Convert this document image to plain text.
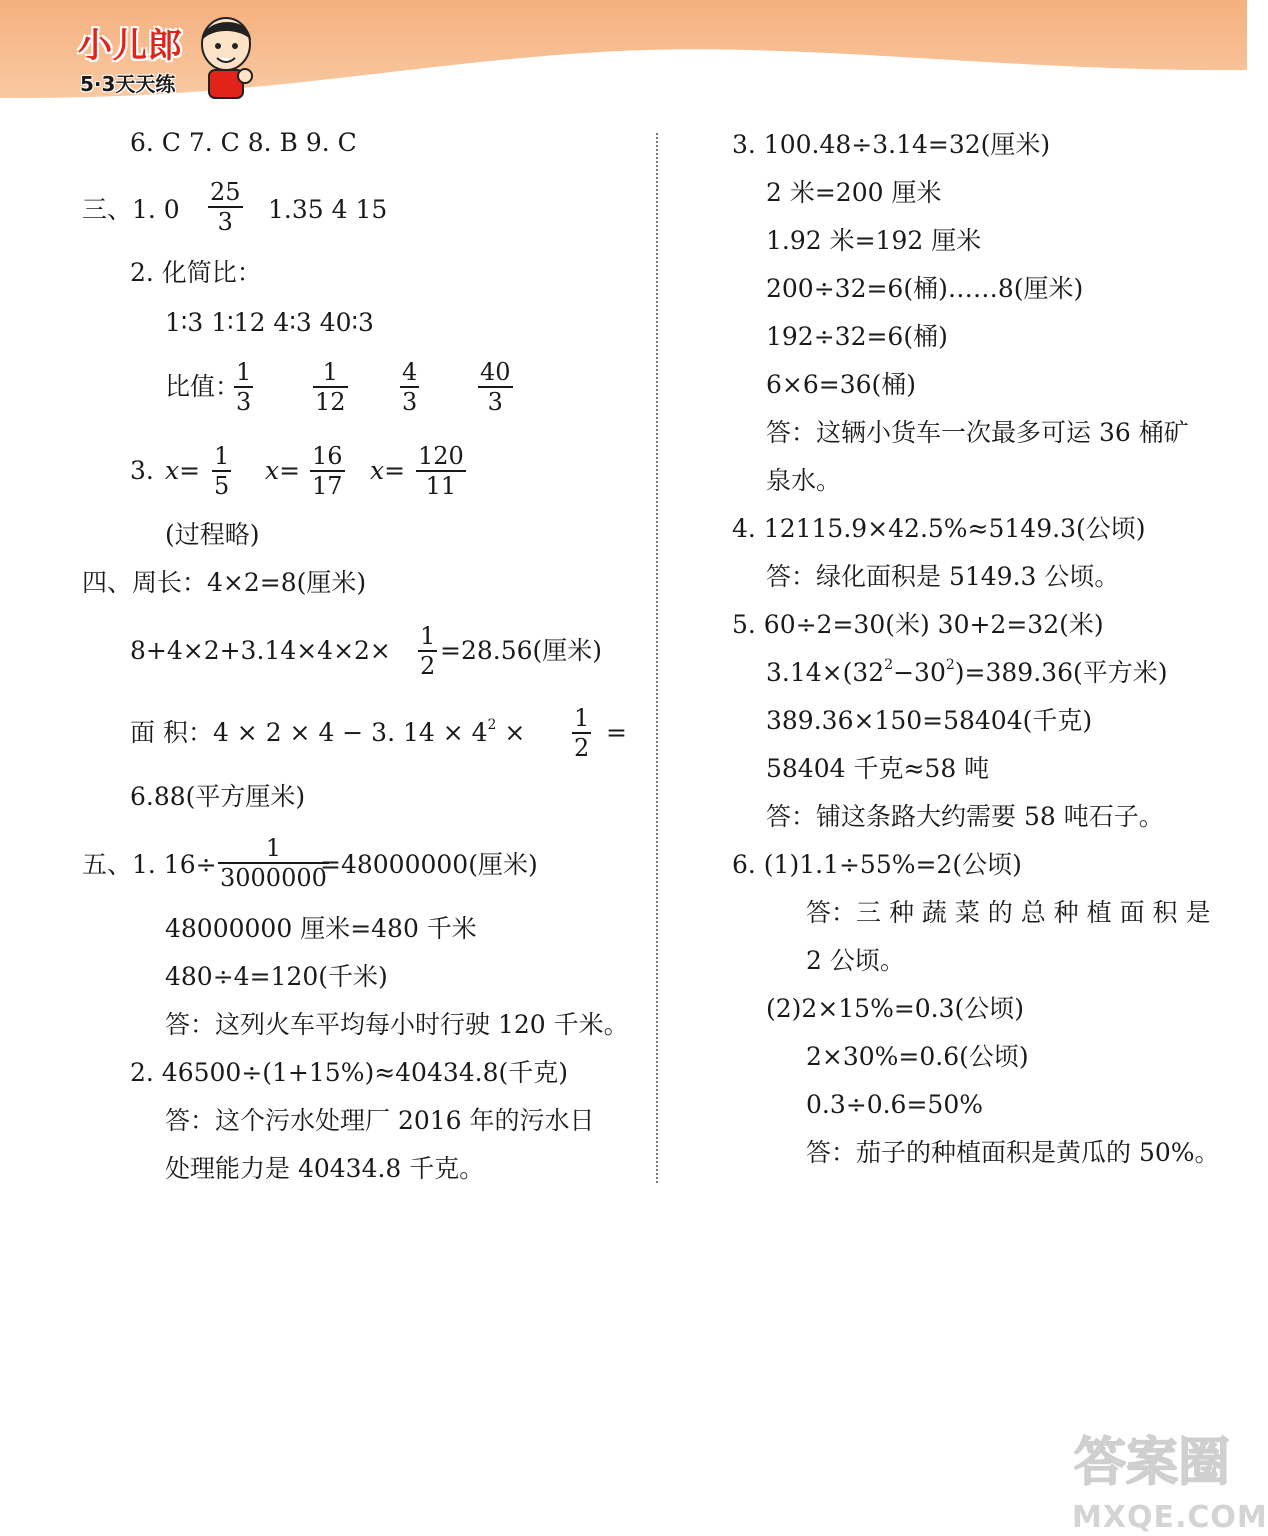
小儿郎
5·3天天练
6. C 7. C 8. B 9. C
三、1. $0 \frac{25}{3} 1.35$ 4 15
2. 化简比：
1∶3 1∶12 4∶3 40∶3
比值：
$\frac{1}{3} \frac{1}{12} \frac{4}{3} \frac{40}{3}$
3. $x= \frac{1}{5} x= \frac{16}{17} x= \frac{120}{11}$
(过程略)
四、周长：4×2=8(厘米)
$8+4\times 2+3.14\times 4\times 2\times \frac{1}{2} =28.56$(厘米)
面 积：4 × 2 × 4 − 3. $14 \times 4^2 \times \frac{1}{2}$ =
6.88(平方厘米)
五、1. $16\div \frac{1}{3000000}$
=48000000(厘米)
48000000 厘米=480 千米
480÷4=120(千米)
答：这列火车平均每小时行驶 120 千米。
2. 46500÷(1+15%)≈40434.8(千克)
答：这个污水处理厂 2016 年的污水日
处理能力是 40434.8 千克。
3. 100.48÷3.14=32(厘米)
2 米=200 厘米
1.92 米=192 厘米
200÷32=6(桶)……8(厘米)
192÷32=6(桶)
6×6=36(桶)
答：这辆小货车一次最多可运 36 桶矿
泉水。
4. 12115.9×42.5%≈5149.3(公顷)
答：绿化面积是 5149.3 公顷。
5. 60÷2=30(米) 30+2=32(米)
$3.14\times(32^2-30^2)=389.36$(平方米)
389.36×150=58404(千克)
58404 千克≈58 吨
答：铺这条路大约需要 58 吨石子。
6. (1)1.1÷55%=2(公顷)
答：三 种 蔬 菜 的 总 种 植 面 积 是
2 公顷。
(2)2×15%=0.3(公顷)
2×30%=0.6(公顷)
0.3÷0.6=50%
答：茄子的种植面积是黄瓜的 50%。
答案圈
MXQE.COM
